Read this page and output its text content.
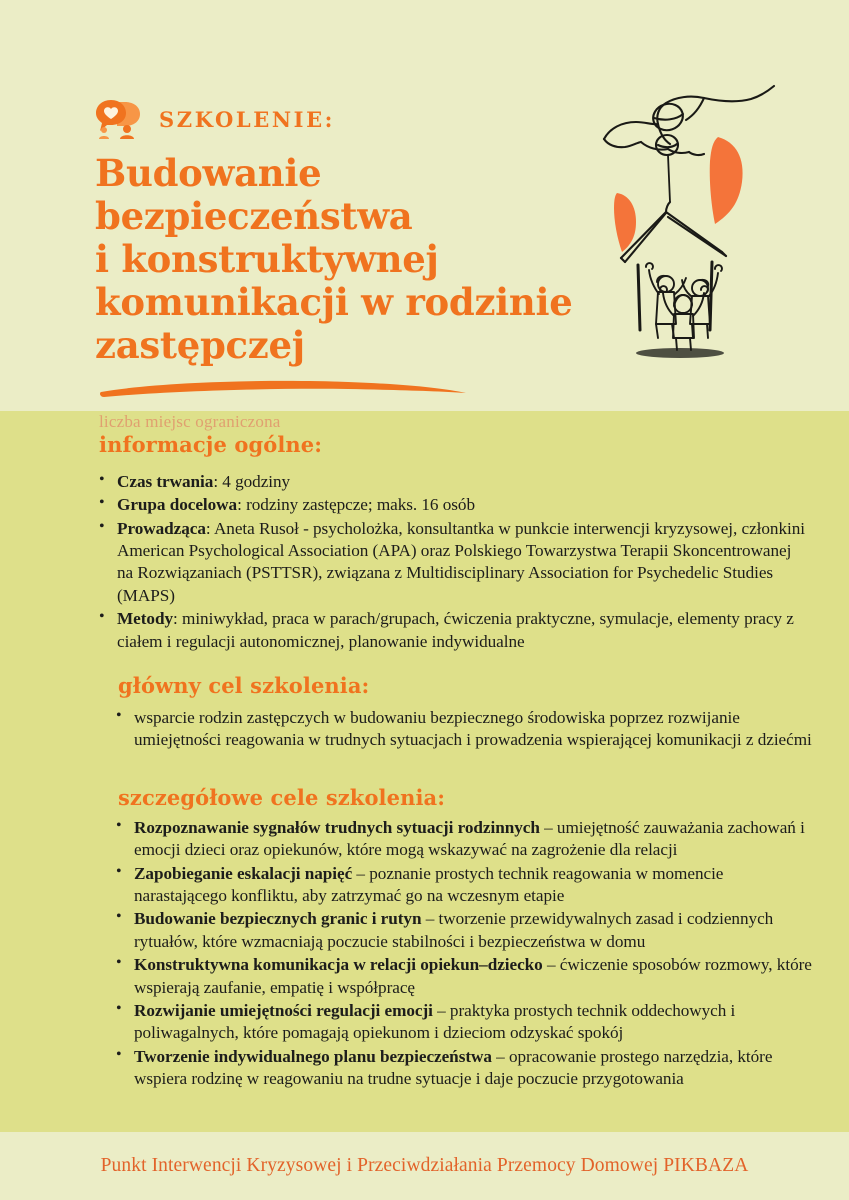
SZKOLENIE:
Budowanie bezpieczeństwa
i konstruktywnej
komunikacji w rodzinie
zastępczej
liczba miejsc ograniczona
informacje ogólne:
• Czas trwania: 4 godziny
• Grupa docelowa: rodziny zastępcze; maks. 16 osób
• Prowadząca: Aneta Rusoł - psycholożka, konsultantka w punkcie interwencji kryzysowej, członkini American Psychological Association (APA) oraz Polskiego Towarzystwa Terapii Skoncentrowanej na Rozwiązaniach (PSTTSR), związana z Multidisciplinary Association for Psychedelic Studies (MAPS)
• Metody: miniwykład, praca w parach/grupach, ćwiczenia praktyczne, symulacje, elementy pracy z ciałem i regulacji autonomicznej, planowanie indywidualne
główny cel szkolenia:
• wsparcie rodzin zastępczych w budowaniu bezpiecznego środowiska poprzez rozwijanie umiejętności reagowania w trudnych sytuacjach i prowadzenia wspierającej komunikacji z dziećmi
szczegółowe cele szkolenia:
• Rozpoznawanie sygnałów trudnych sytuacji rodzinnych – umiejętność zauważania zachowań i emocji dzieci oraz opiekunów, które mogą wskazywać na zagrożenie dla relacji
• Zapobieganie eskalacji napięć – poznanie prostych technik reagowania w momencie narastającego konfliktu, aby zatrzymać go na wczesnym etapie
• Budowanie bezpiecznych granic i rutyn – tworzenie przewidywalnych zasad i codziennych rytuałów, które wzmacniają poczucie stabilności i bezpieczeństwa w domu
• Konstruktywna komunikacja w relacji opiekun–dziecko – ćwiczenie sposobów rozmowy, które wspierają zaufanie, empatię i współpracę
• Rozwijanie umiejętności regulacji emocji – praktyka prostych technik oddechowych i poliwagalnych, które pomagają opiekunom i dzieciom odzyskać spokój
• Tworzenie indywidualnego planu bezpieczeństwa – opracowanie prostego narzędzia, które wspiera rodzinę w reagowaniu na trudne sytuacje i daje poczucie przygotowania
Punkt Interwencji Kryzysowej i Przeciwdziałania Przemocy Domowej PIKBAZA
